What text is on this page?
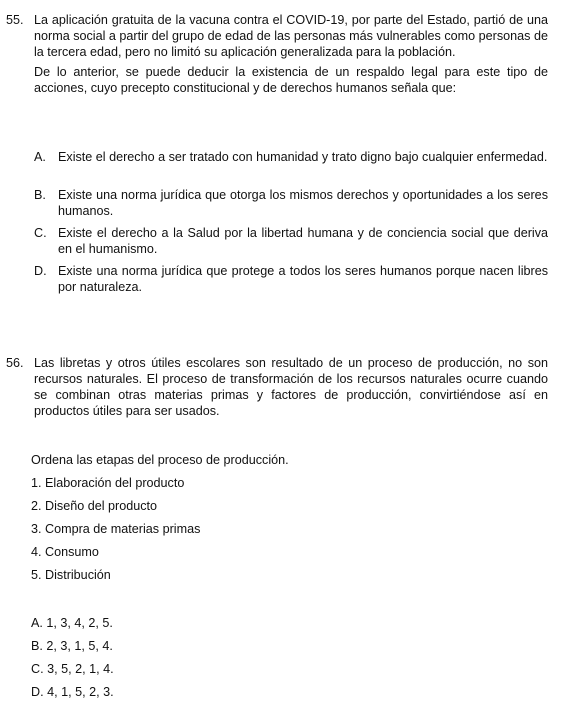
55. La aplicación gratuita de la vacuna contra el COVID-19, por parte del Estado, partió de una norma social a partir del grupo de edad de las personas más vulnerables como personas de la tercera edad, pero no limitó su aplicación generalizada para la población.

De lo anterior, se puede deducir la existencia de un respaldo legal para este tipo de acciones, cuyo precepto constitucional y de derechos humanos señala que:

A. Existe el derecho a ser tratado con humanidad y trato digno bajo cualquier enfermedad.
B. Existe una norma jurídica que otorga los mismos derechos y oportunidades a los seres humanos.
C. Existe el derecho a la Salud por la libertad humana y de conciencia social que deriva en el humanismo.
D. Existe una norma jurídica que protege a todos los seres humanos porque nacen libres por naturaleza.
56. Las libretas y otros útiles escolares son resultado de un proceso de producción, no son recursos naturales. El proceso de transformación de los recursos naturales ocurre cuando se combinan otras materias primas y factores de producción, convirtiéndose así en productos útiles para ser usados.

Ordena las etapas del proceso de producción.
1. Elaboración del producto
2. Diseño del producto
3. Compra de materias primas
4. Consumo
5. Distribución
A. 1, 3, 4, 2, 5.
B. 2, 3, 1, 5, 4.
C. 3, 5, 2, 1, 4.
D. 4, 1, 5, 2, 3.
